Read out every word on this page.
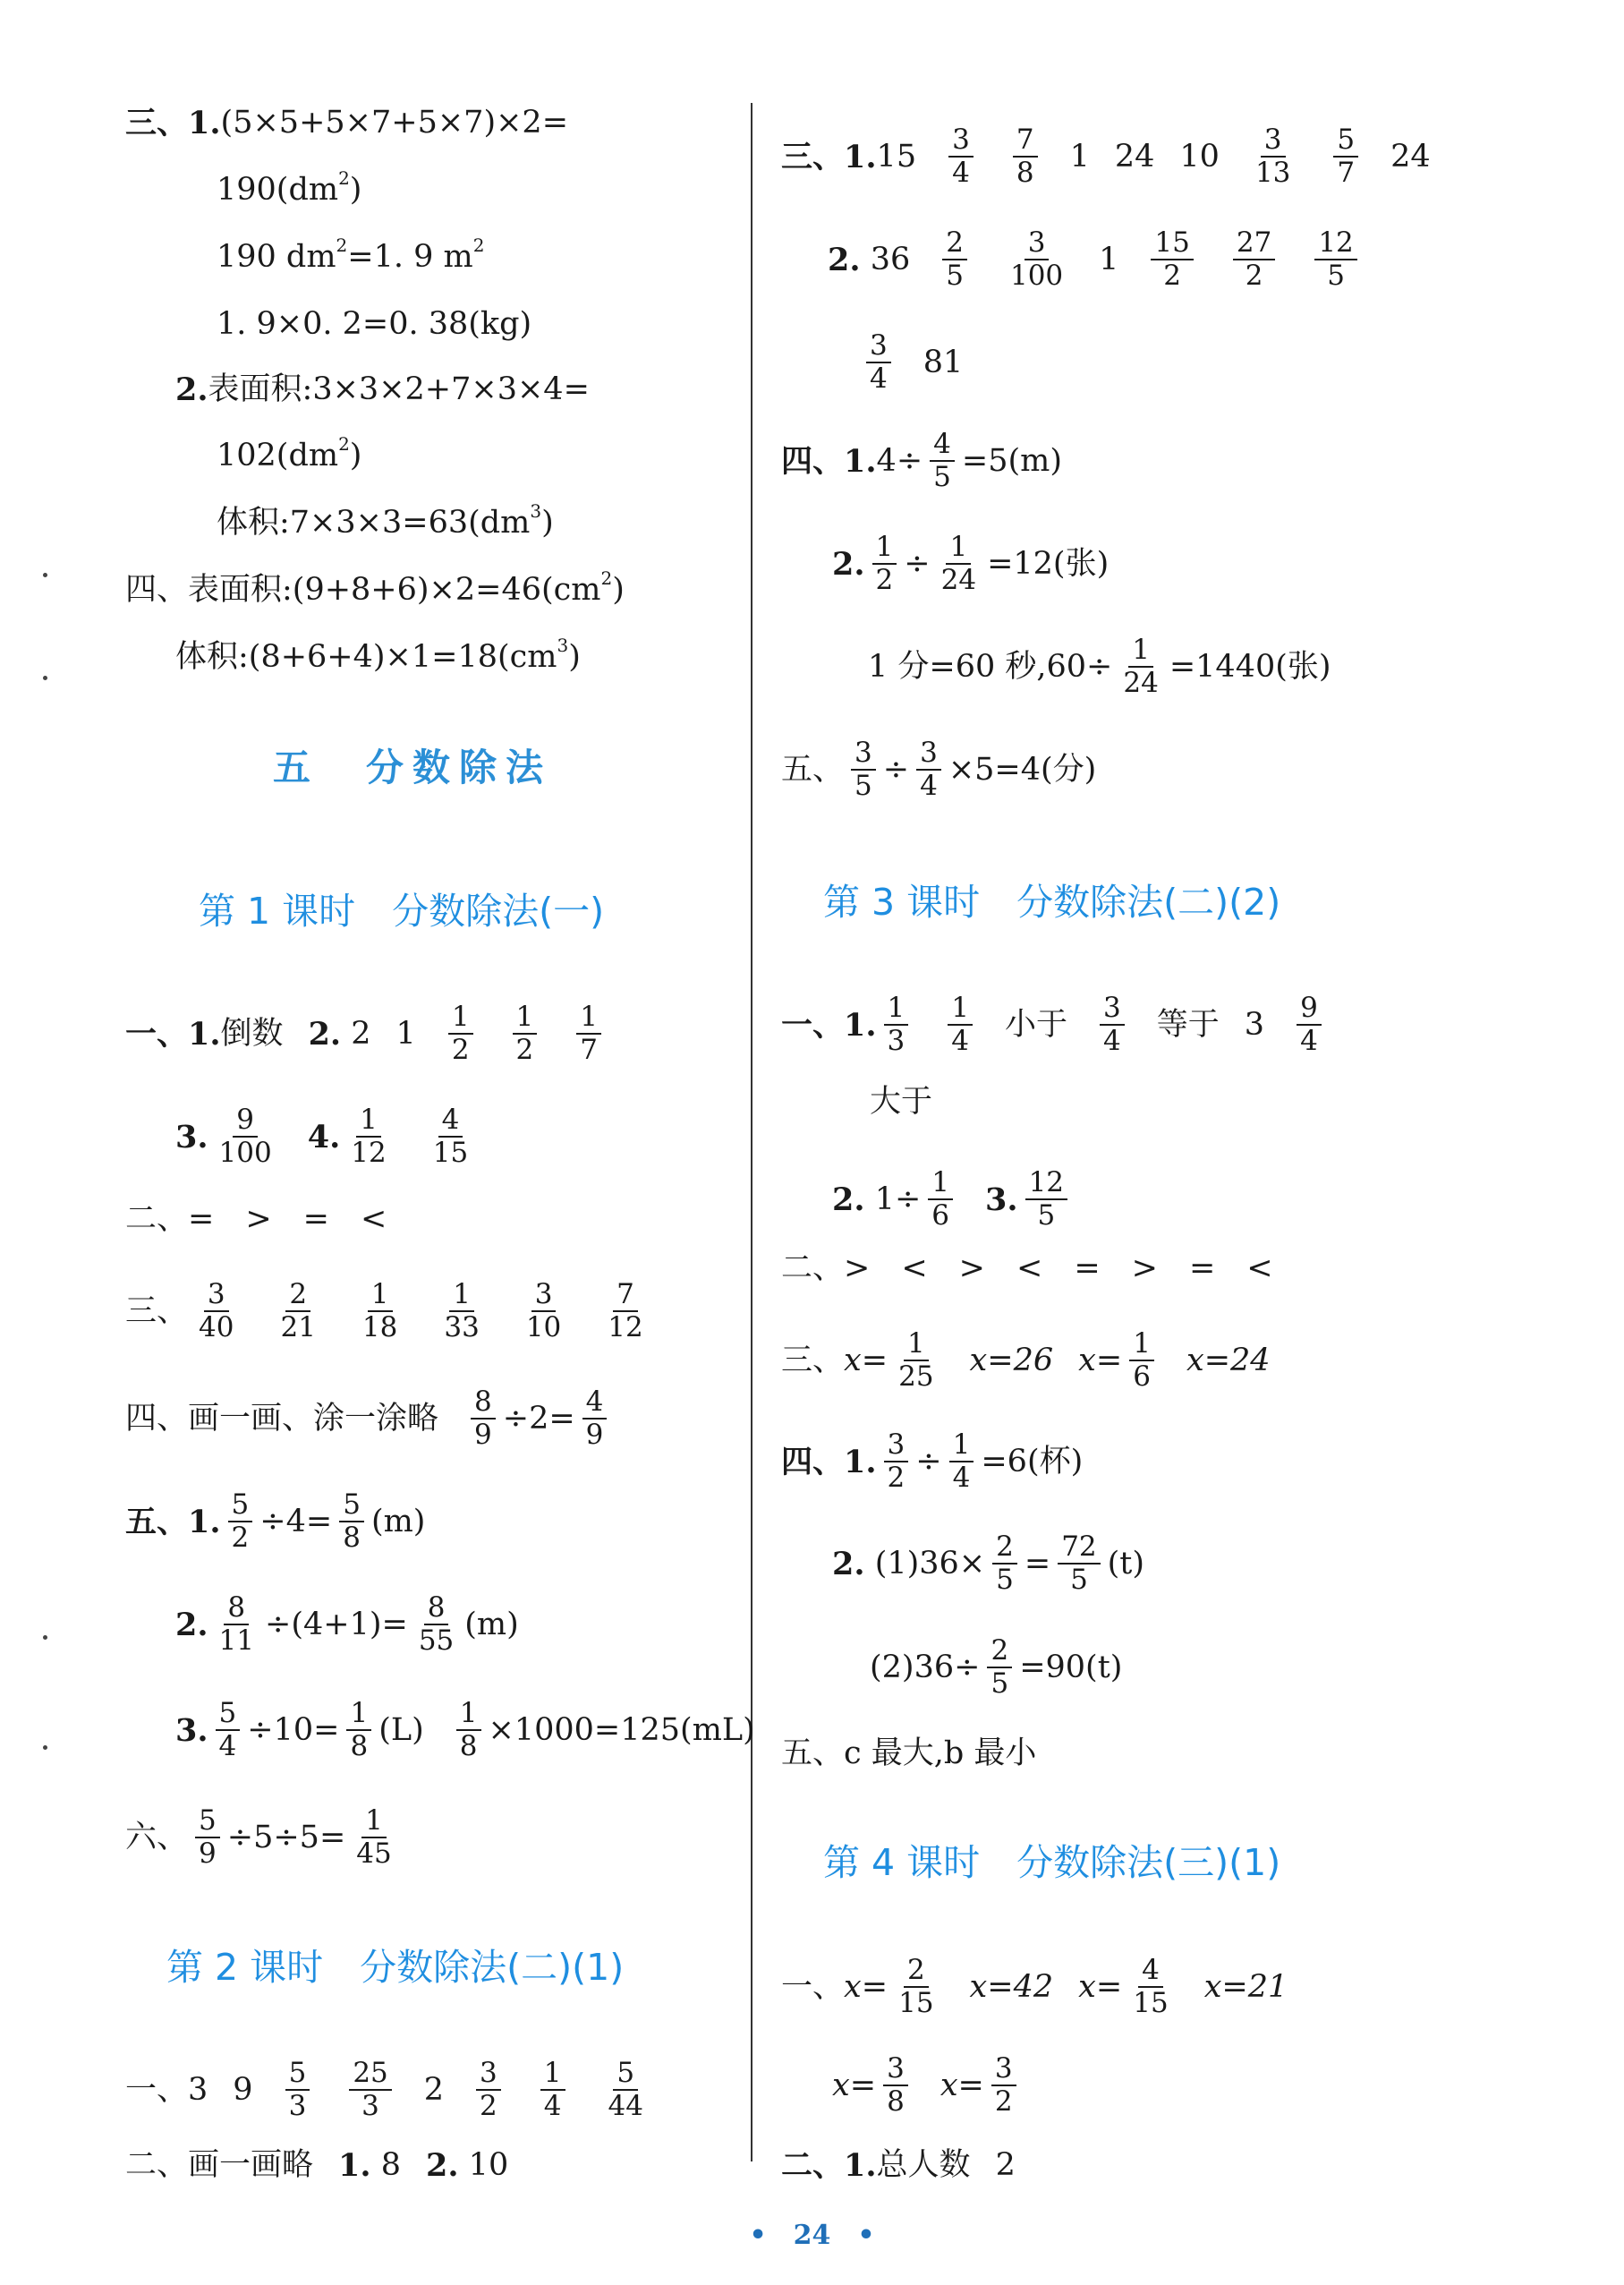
三、1. (5×5+5×7+5×7)×2=
190(dm 2 )
190 dm 2 =1. 9 m 2
1. 9×0. 2=0. 38(kg)
2. 表面积:3×3×2+7×3×4=
102(dm 2 )
体积:7×3×3=63(dm 3 )
四、表面积:(9+8+6)×2=46(cm 2 )
体积:(8+6+4)×1=18(cm 3 )
五　分数除法
第 1 课时　分数除法(一)
一、1. 倒数 2.
2 $1 \frac{1}{2} \frac{1}{2} \frac{1}{7}$
3. $\frac{9}{100} 4$. $\frac{1}{12} \frac{4}{15}$
二、 =　>　=　<
三、 $\frac{3}{40} \frac{2}{21} \frac{1}{18} \frac{1}{33} \frac{3}{10} \frac{7}{12}$
四、画一画、涂一涂略 $\frac{8}{9} \div 2= \frac{4}{9}$
五、1. $\frac{5}{2} \div 4= \frac{5}{8} (m)$
2. $\frac{8}{11} \div(4+1)= \frac{8}{55} (m)$
3. $\frac{5}{4} \div 10= \frac{1}{8} (L) \frac{1}{8} \times 1000=125(mL)$
六、 $\frac{5}{9} \div 5\div 5= \frac{1}{45}$
第 2 课时　分数除法(二)(1)
一、 3 $9 \frac{5}{3} \frac{25}{3} 2 \frac{3}{2} \frac{1}{4} \frac{5}{44}$
二、画一画略 1.
8 2.
10
三、1. $15 \frac{3}{4} \frac{7}{8} 1$ 24 $10 \frac{3}{13} \frac{5}{7} 24$
2.
$36 \frac{2}{5} \frac{3}{100} 1 \frac{15}{2} \frac{27}{2} \frac{12}{5}$
$\frac{3}{4} 81$
四、1. $4\div \frac{4}{5} =5(m)$
2. $\frac{1}{2} \div \frac{1}{24} =12$(张)
1 分=60 秒$,60\div \frac{1}{24} =1440$(张)
五、 $\frac{3}{5} \div \frac{3}{4} \times 5=4$(分)
第 3 课时　分数除法(二)(2)
一、1. $\frac{1}{3} \frac{1}{4}$ 小于 $\frac{3}{4}$ 等于 $3 \frac{9}{4}$
大于
2.
$1\div \frac{1}{6} 3$. $\frac{12}{5}$
二、 >　<　>　<　=　>　=　<
三、 $x= \frac{1}{25} x=26$ $x= \frac{1}{6} x=24$
四、1. $\frac{3}{2} \div \frac{1}{4} =6$(杯)
2.
$(1)36\times \frac{2}{5} = \frac{72}{5} (t)$
$(2)36\div \frac{2}{5} =90(t)$
五、 c 最大,b 最小
第 4 课时　分数除法(三)(1)
一、 $x= \frac{2}{15} x=42$ $x= \frac{4}{15} x=21$
$x= \frac{3}{8} x= \frac{3}{2}$
二、1. 总人数 2
•　24　•
